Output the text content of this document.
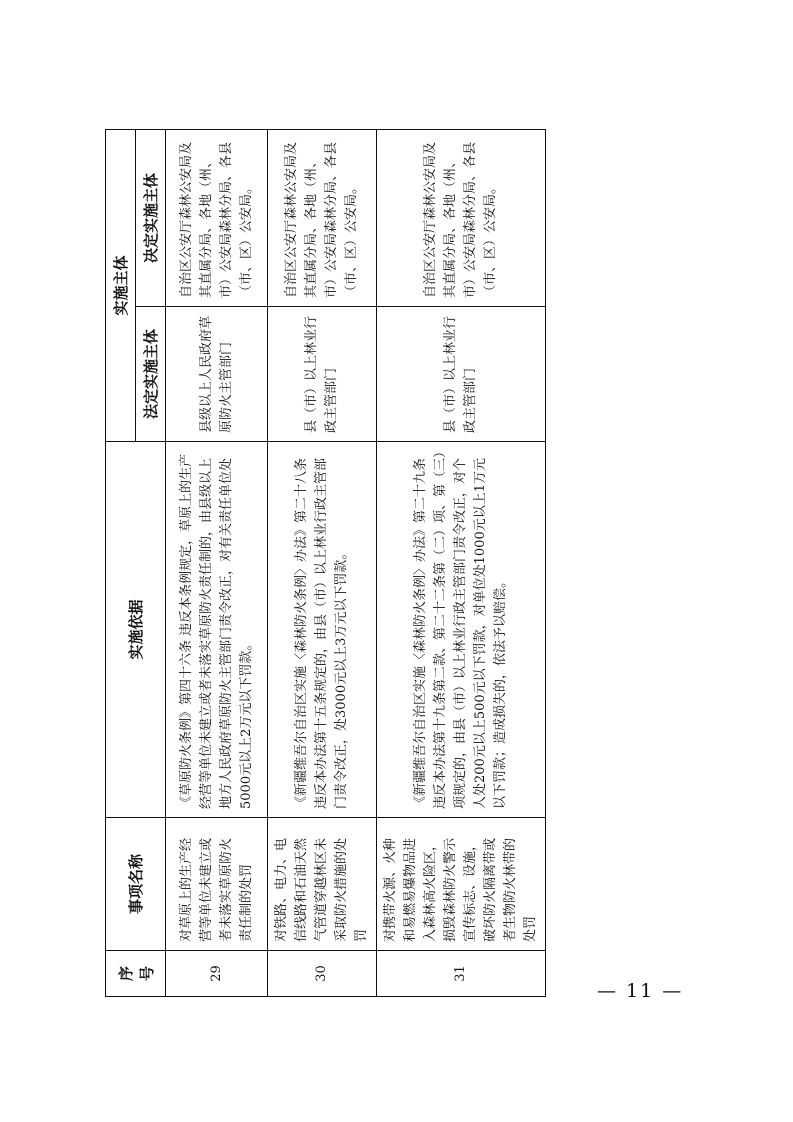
序号	事项名称	实施依据	实施主体	
			法定实施主体	决定实施主体
29	对草原上的生产经营等单位未建立或者未落实草原防火责任制的处罚	《草原防火条例》第四十六条 违反本条例规定，草原上的生产经营等单位未建立或者未落实草原防火责任制的，由县级以上地方人民政府草原防火主管部门责令改正，对有关责任单位处5000元以上2万元以下罚款。	县级以上人民政府草原防火主管部门	自治区公安厅森林公安局及其直属分局、各地（州、市）公安局森林分局、各县（市、区）公安局。
30	对铁路、电力、电信线路和石油天然气管道穿越林区未采取防火措施的处罚	《新疆维吾尔自治区实施〈森林防火条例〉办法》第二十八条 违反本办法第十五条规定的，由县（市）以上林业行政主管部门责令改正，处3000元以上3万元以下罚款。	县（市）以上林业行政主管部门	自治区公安厅森林公安局及其直属分局、各地（州、市）公安局森林分局、各县（市、区）公安局。
31	对携带火源、火种和易燃易爆物品进入森林高火险区，损毁森林防火警示宣传标志、设施，破坏防火隔离带或者生物防火林带的处罚	《新疆维吾尔自治区实施〈森林防火条例〉办法》第二十九条 违反本办法第十九条第二款、第二十二条第（二）项、第（三）项规定的，由县（市）以上林业行政主管部门责令改正，对个人处200元以上500元以下罚款，对单位处1000元以上1万元以下罚款；造成损失的，依法予以赔偿。	县（市）以上林业行政主管部门	自治区公安厅森林公安局及其直属分局、各地（州、市）公安局森林分局、各县（市、区）公安局。
— 11 —
